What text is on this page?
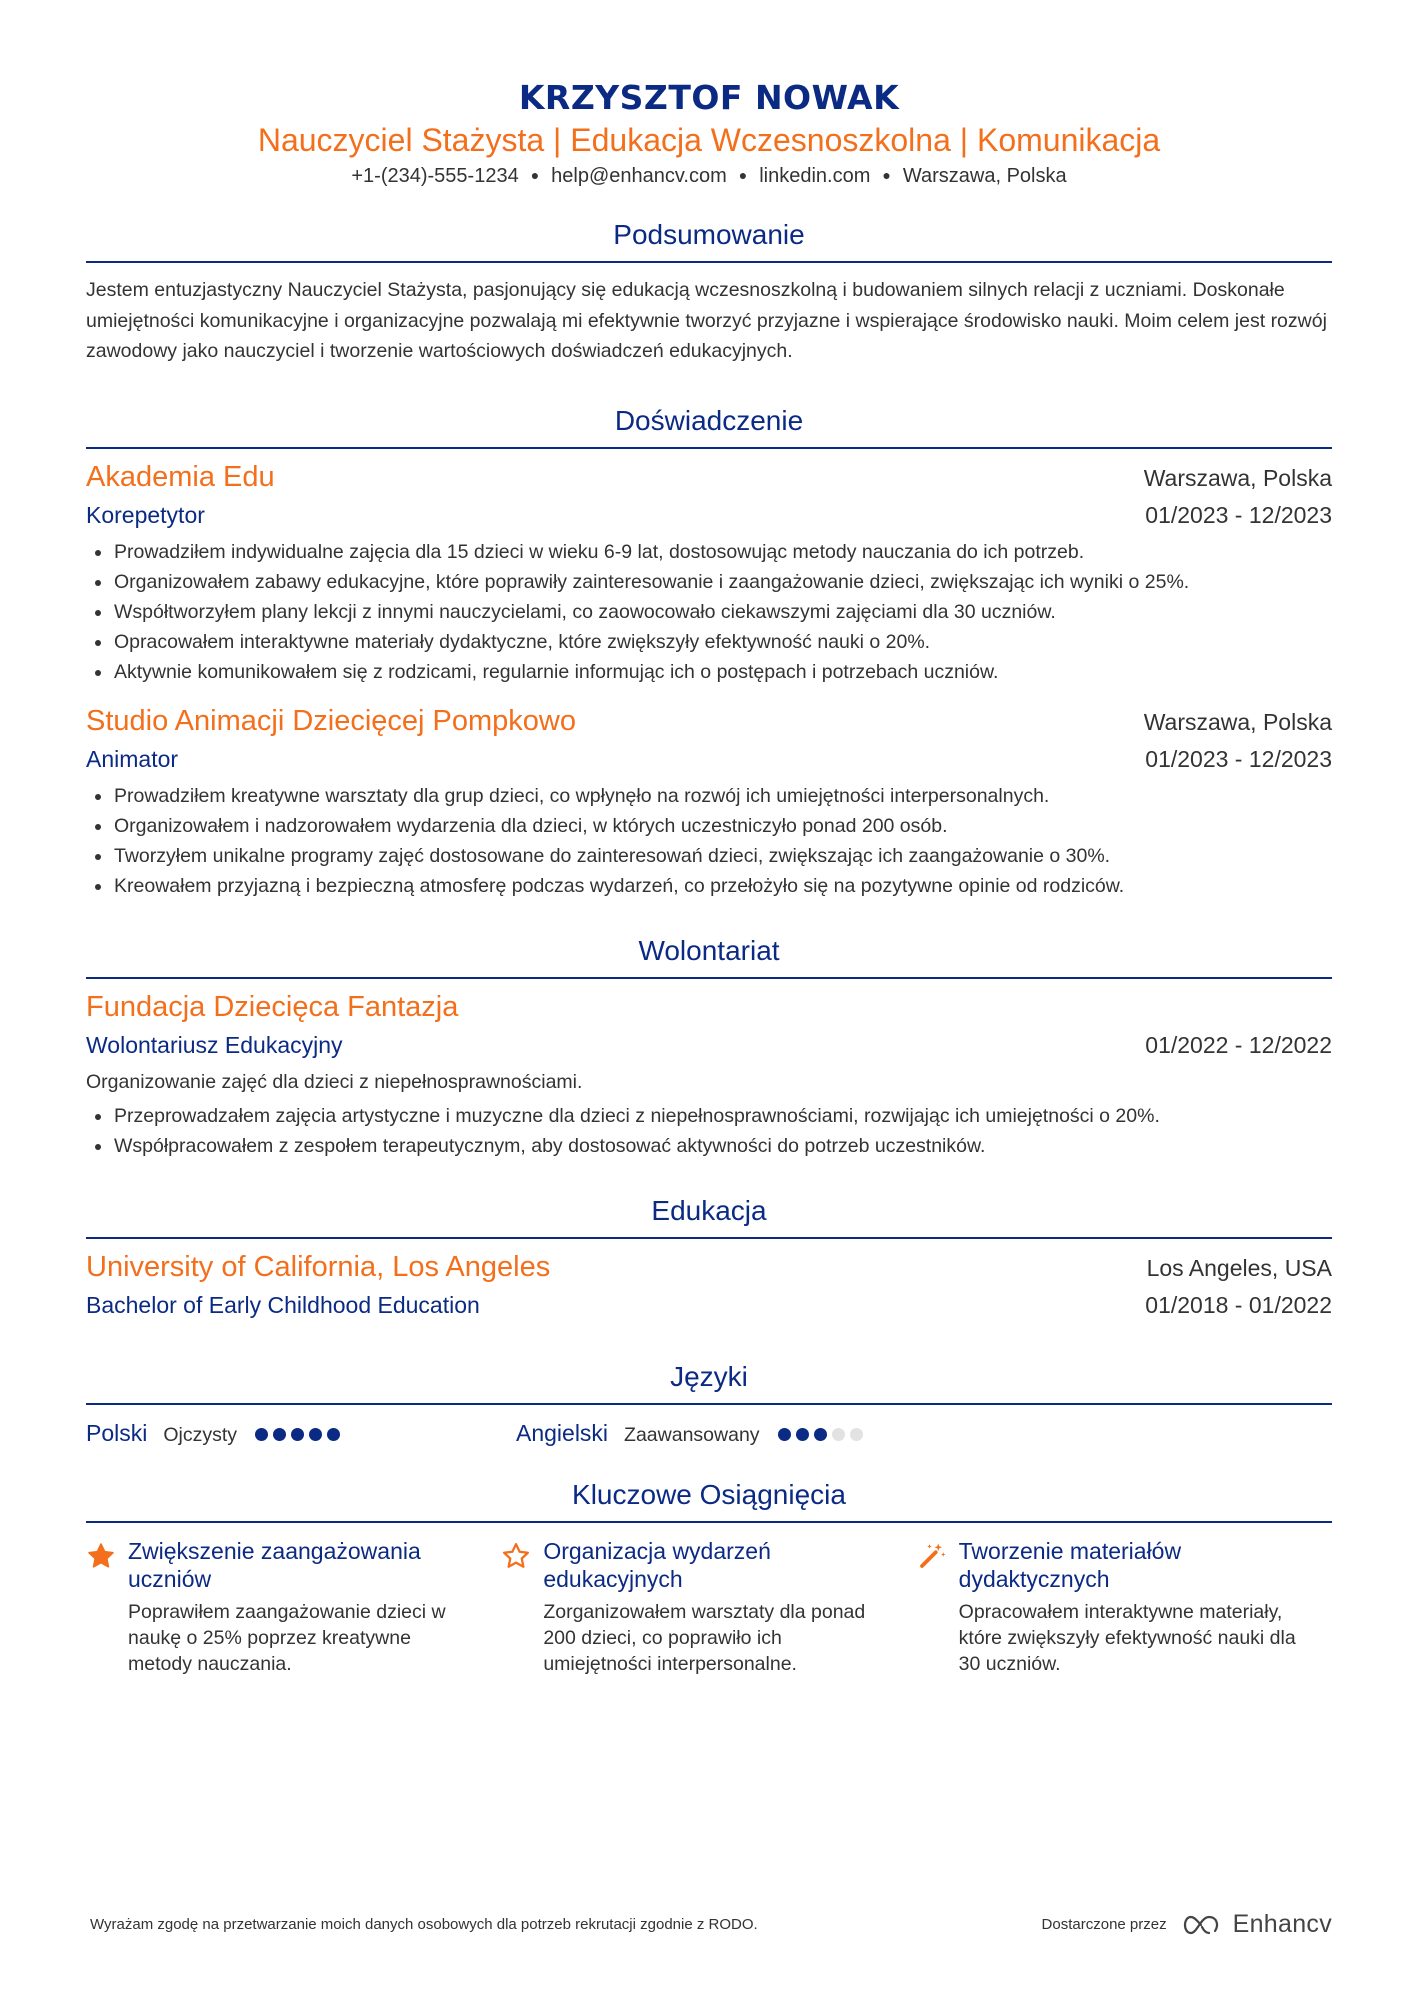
KRZYSZTOF NOWAK
Nauczyciel Stażysta | Edukacja Wczesnoszkolna | Komunikacja
+1-(234)-555-1234 ● help@enhancv.com ● linkedin.com ● Warszawa, Polska
Podsumowanie

Jestem entuzjastyczny Nauczyciel Stażysta, pasjonujący się edukacją wczesnoszkolną i budowaniem silnych relacji z uczniami. Doskonałe umiejętności komunikacyjne i organizacyjne pozwalają mi efektywnie tworzyć przyjazne i wspierające środowisko nauki. Moim celem jest rozwój zawodowy jako nauczyciel i tworzenie wartościowych doświadczeń edukacyjnych.

Doświadczenie
Akademia Edu	Warszawa, Polska
Korepetytor	01/2023 - 12/2023
Prowadziłem indywidualne zajęcia dla 15 dzieci w wieku 6-9 lat, dostosowując metody nauczania do ich potrzeb.
Organizowałem zabawy edukacyjne, które poprawiły zainteresowanie i zaangażowanie dzieci, zwiększając ich wyniki o 25%.
Współtworzyłem plany lekcji z innymi nauczycielami, co zaowocowało ciekawszymi zajęciami dla 30 uczniów.
Opracowałem interaktywne materiały dydaktyczne, które zwiększyły efektywność nauki o 20%.
Aktywnie komunikowałem się z rodzicami, regularnie informując ich o postępach i potrzebach uczniów.
Studio Animacji Dziecięcej Pompkowo	Warszawa, Polska
Animator	01/2023 - 12/2023
Prowadziłem kreatywne warsztaty dla grup dzieci, co wpłynęło na rozwój ich umiejętności interpersonalnych.
Organizowałem i nadzorowałem wydarzenia dla dzieci, w których uczestniczyło ponad 200 osób.
Tworzyłem unikalne programy zajęć dostosowane do zainteresowań dzieci, zwiększając ich zaangażowanie o 30%.
Kreowałem przyjazną i bezpieczną atmosferę podczas wydarzeń, co przełożyło się na pozytywne opinie od rodziców.
Wolontariat
Fundacja Dziecięca Fantazja
Wolontariusz Edukacyjny	01/2022 - 12/2022
Organizowanie zajęć dla dzieci z niepełnosprawnościami.
Przeprowadzałem zajęcia artystyczne i muzyczne dla dzieci z niepełnosprawnościami, rozwijając ich umiejętności o 20%.
Współpracowałem z zespołem terapeutycznym, aby dostosować aktywności do potrzeb uczestników.
Edukacja
University of California, Los Angeles	Los Angeles, USA
Bachelor of Early Childhood Education	01/2018 - 01/2022
Języki
Polski Ojczysty	Angielski Zaawansowany
Kluczowe Osiągnięcia
Zwiększenie zaangażowania uczniów
Poprawiłem zaangażowanie dzieci w naukę o 25% poprzez kreatywne metody nauczania.
Organizacja wydarzeń edukacyjnych
Zorganizowałem warsztaty dla ponad 200 dzieci, co poprawiło ich umiejętności interpersonalne.
Tworzenie materiałów dydaktycznych
Opracowałem interaktywne materiały, które zwiększyły efektywność nauki dla 30 uczniów.
Wyrażam zgodę na przetwarzanie moich danych osobowych dla potrzeb rekrutacji zgodnie z RODO.	Dostarczone przez	Enhancv
